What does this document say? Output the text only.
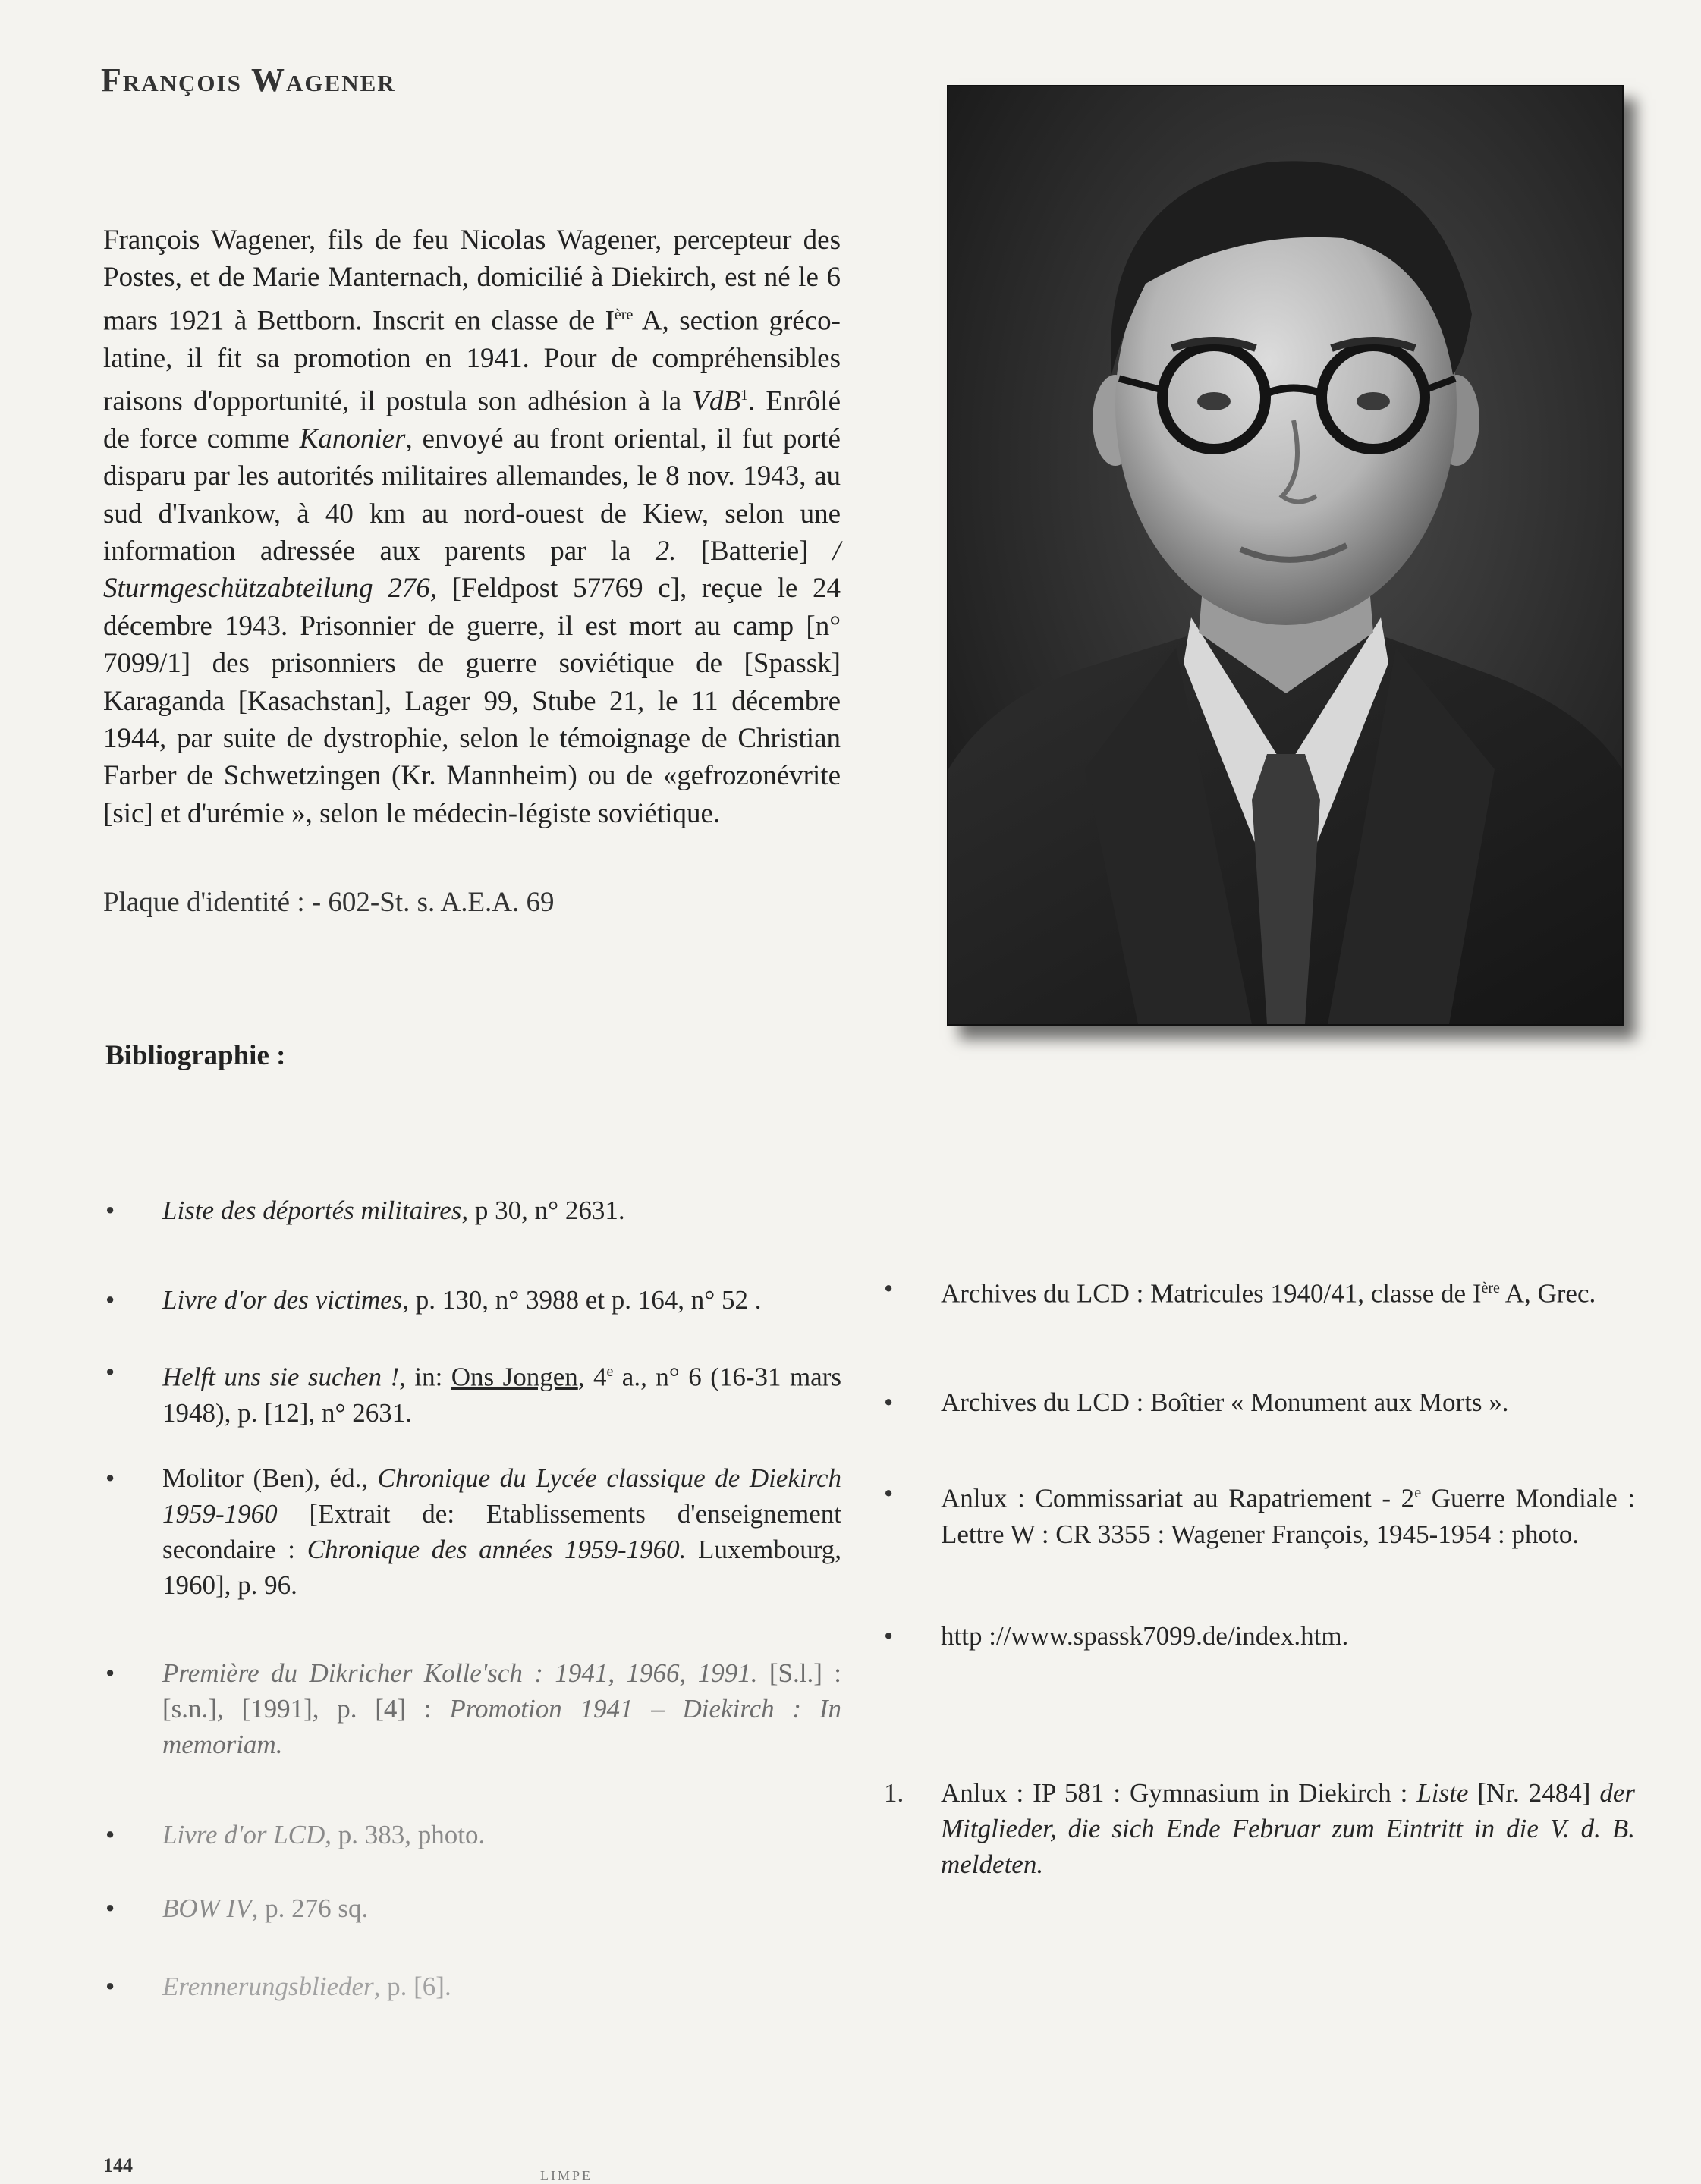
François Wagener
François Wagener, fils de feu Nicolas Wagener, percepteur des Postes, et de Marie Manternach, domicilié à Diekirch, est né le 6 mars 1921 à Bettborn. Inscrit en classe de Ière A, section gréco-latine, il fit sa promotion en 1941. Pour de compréhensibles raisons d'opportunité, il postula son adhésion à la VdB$^1$. Enrôlé de force comme Kanonier, envoyé au front oriental, il fut porté disparu par les autorités militaires allemandes, le 8 nov. 1943, au sud d'Ivankow, à 40 km au nord-ouest de Kiew, selon une information adressée aux parents par la 2. [Batterie] / Sturmgeschützabteilung 276, [Feldpost 57769 c], reçue le 24 décembre 1943. Prisonnier de guerre, il est mort au camp [n° 7099/1] des prisonniers de guerre soviétique de [Spassk] Karaganda [Kasachstan], Lager 99, Stube 21, le 11 décembre 1944, par suite de dystrophie, selon le témoignage de Christian Farber de Schwetzingen (Kr. Mannheim) ou de «gefrozonévrite [sic] et d'urémie », selon le médecin-légiste soviétique.
Plaque d'identité : - 602-St. s. A.E.A. 69
Bibliographie :
•	Liste des déportés militaires, p 30, n° 2631.
•	Livre d'or des victimes, p. 130, n° 3988 et p. 164, n° 52 .
•	Helft uns sie suchen !, in: Ons Jongen, 4e a., n° 6 (16-31 mars 1948), p. [12], n° 2631.
•	Molitor (Ben), éd., Chronique du Lycée classique de Diekirch 1959-1960 [Extrait de: Etablissements d'enseignement secondaire : Chronique des années 1959-1960. Luxembourg, 1960], p. 96.
•	Première du Dikricher Kolle'sch : 1941, 1966, 1991. [S.l.] : [s.n.], [1991], p. [4] : Promotion 1941 – Diekirch : In memoriam.
•	Livre d'or LCD, p. 383, photo.
•	BOW IV, p. 276 sq.
•	Erennerungsblieder, p. [6].
•	Archives du LCD : Matricules 1940/41, classe de Ière A, Grec.
•	Archives du LCD : Boîtier « Monument aux Morts ».
•	Anlux : Commissariat au Rapatriement - 2e Guerre Mondiale : Lettre W : CR 3355 : Wagener François, 1945-1954 : photo.
•	http ://www.spassk7099.de/index.htm.
1.	Anlux : IP 581 : Gymnasium in Diekirch : Liste [Nr. 2484] der Mitglieder, die sich Ende Februar zum Eintritt in die V. d. B. meldeten.
144	LIMPE
